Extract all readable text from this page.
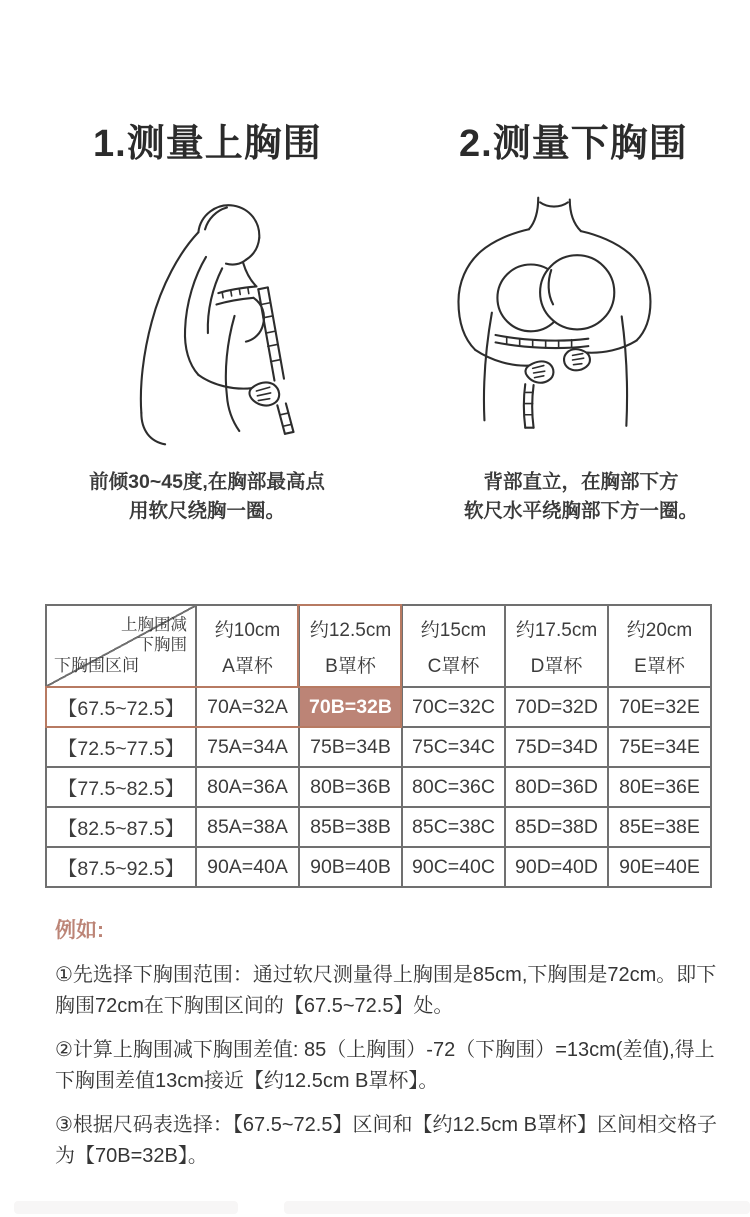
1.测量上胸围	2.测量下胸围
前倾30~45度,在胸部最高点
用软尺绕胸一圈。
背部直立，在胸部下方
软尺水平绕胸部下方一圈。
上胸围减
下胸围
下胸围区间

约10cm
A罩杯

约12.5cm
B罩杯

约15cm
C罩杯

约17.5cm
D罩杯

约20cm
E罩杯

【67.5~72.5】	70A=32A	70B=32B	70C=32C	70D=32D	70E=32E
【72.5~77.5】	75A=34A	75B=34B	75C=34C	75D=34D	75E=34E
【77.5~82.5】	80A=36A	80B=36B	80C=36C	80D=36D	80E=36E
【82.5~87.5】	85A=38A	85B=38B	85C=38C	85D=38D	85E=38E
【87.5~92.5】	90A=40A	90B=40B	90C=40C	90D=40D	90E=40E
例如:

①先选择下胸围范围：通过软尺测量得上胸围是85cm,下胸围是72cm。即下胸围72cm在下胸围区间的【67.5~72.5】处。

②计算上胸围减下胸围差值: 85（上胸围）-72（下胸围）=13cm(差值),得上下胸围差值13cm接近【约12.5cm B罩杯】。

③根据尺码表选择：【67.5~72.5】区间和【约12.5cm B罩杯】区间相交格子为【70B=32B】。
